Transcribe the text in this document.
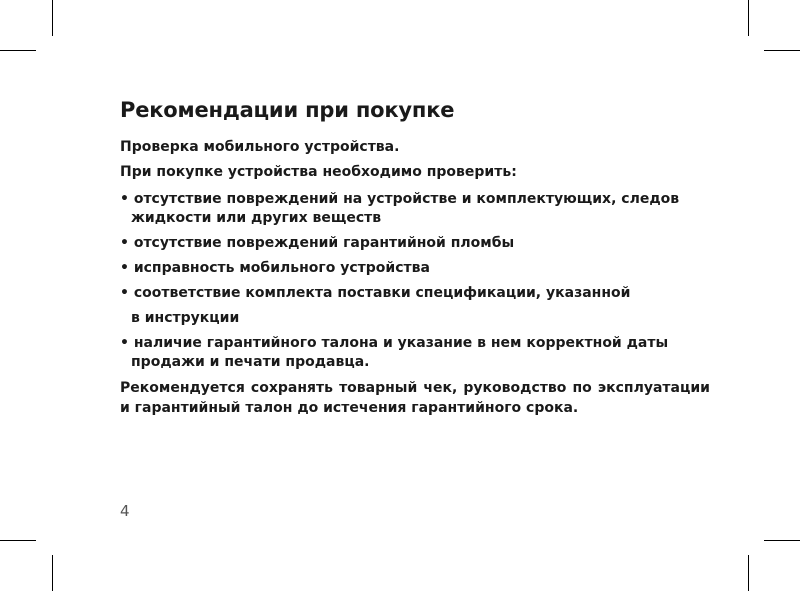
Рекомендации при покупке

Проверка мобильного устройства.

При покупке устройства необходимо проверить:

• отсутствие повреждений на устройстве и комплектующих, следов жидкости или других веществ
• отсутствие повреждений гарантийной пломбы
• исправность мобильного устройства
• соответствие комплекта поставки спецификации, указанной

в инструкции

• наличие гарантийного талона и указание в нем корректной даты продажи и печати продавца.

Рекомендуется сохранять товарный чек, руководство по эксплуатации и гарантийный талон до истечения гарантийного срока.

4
